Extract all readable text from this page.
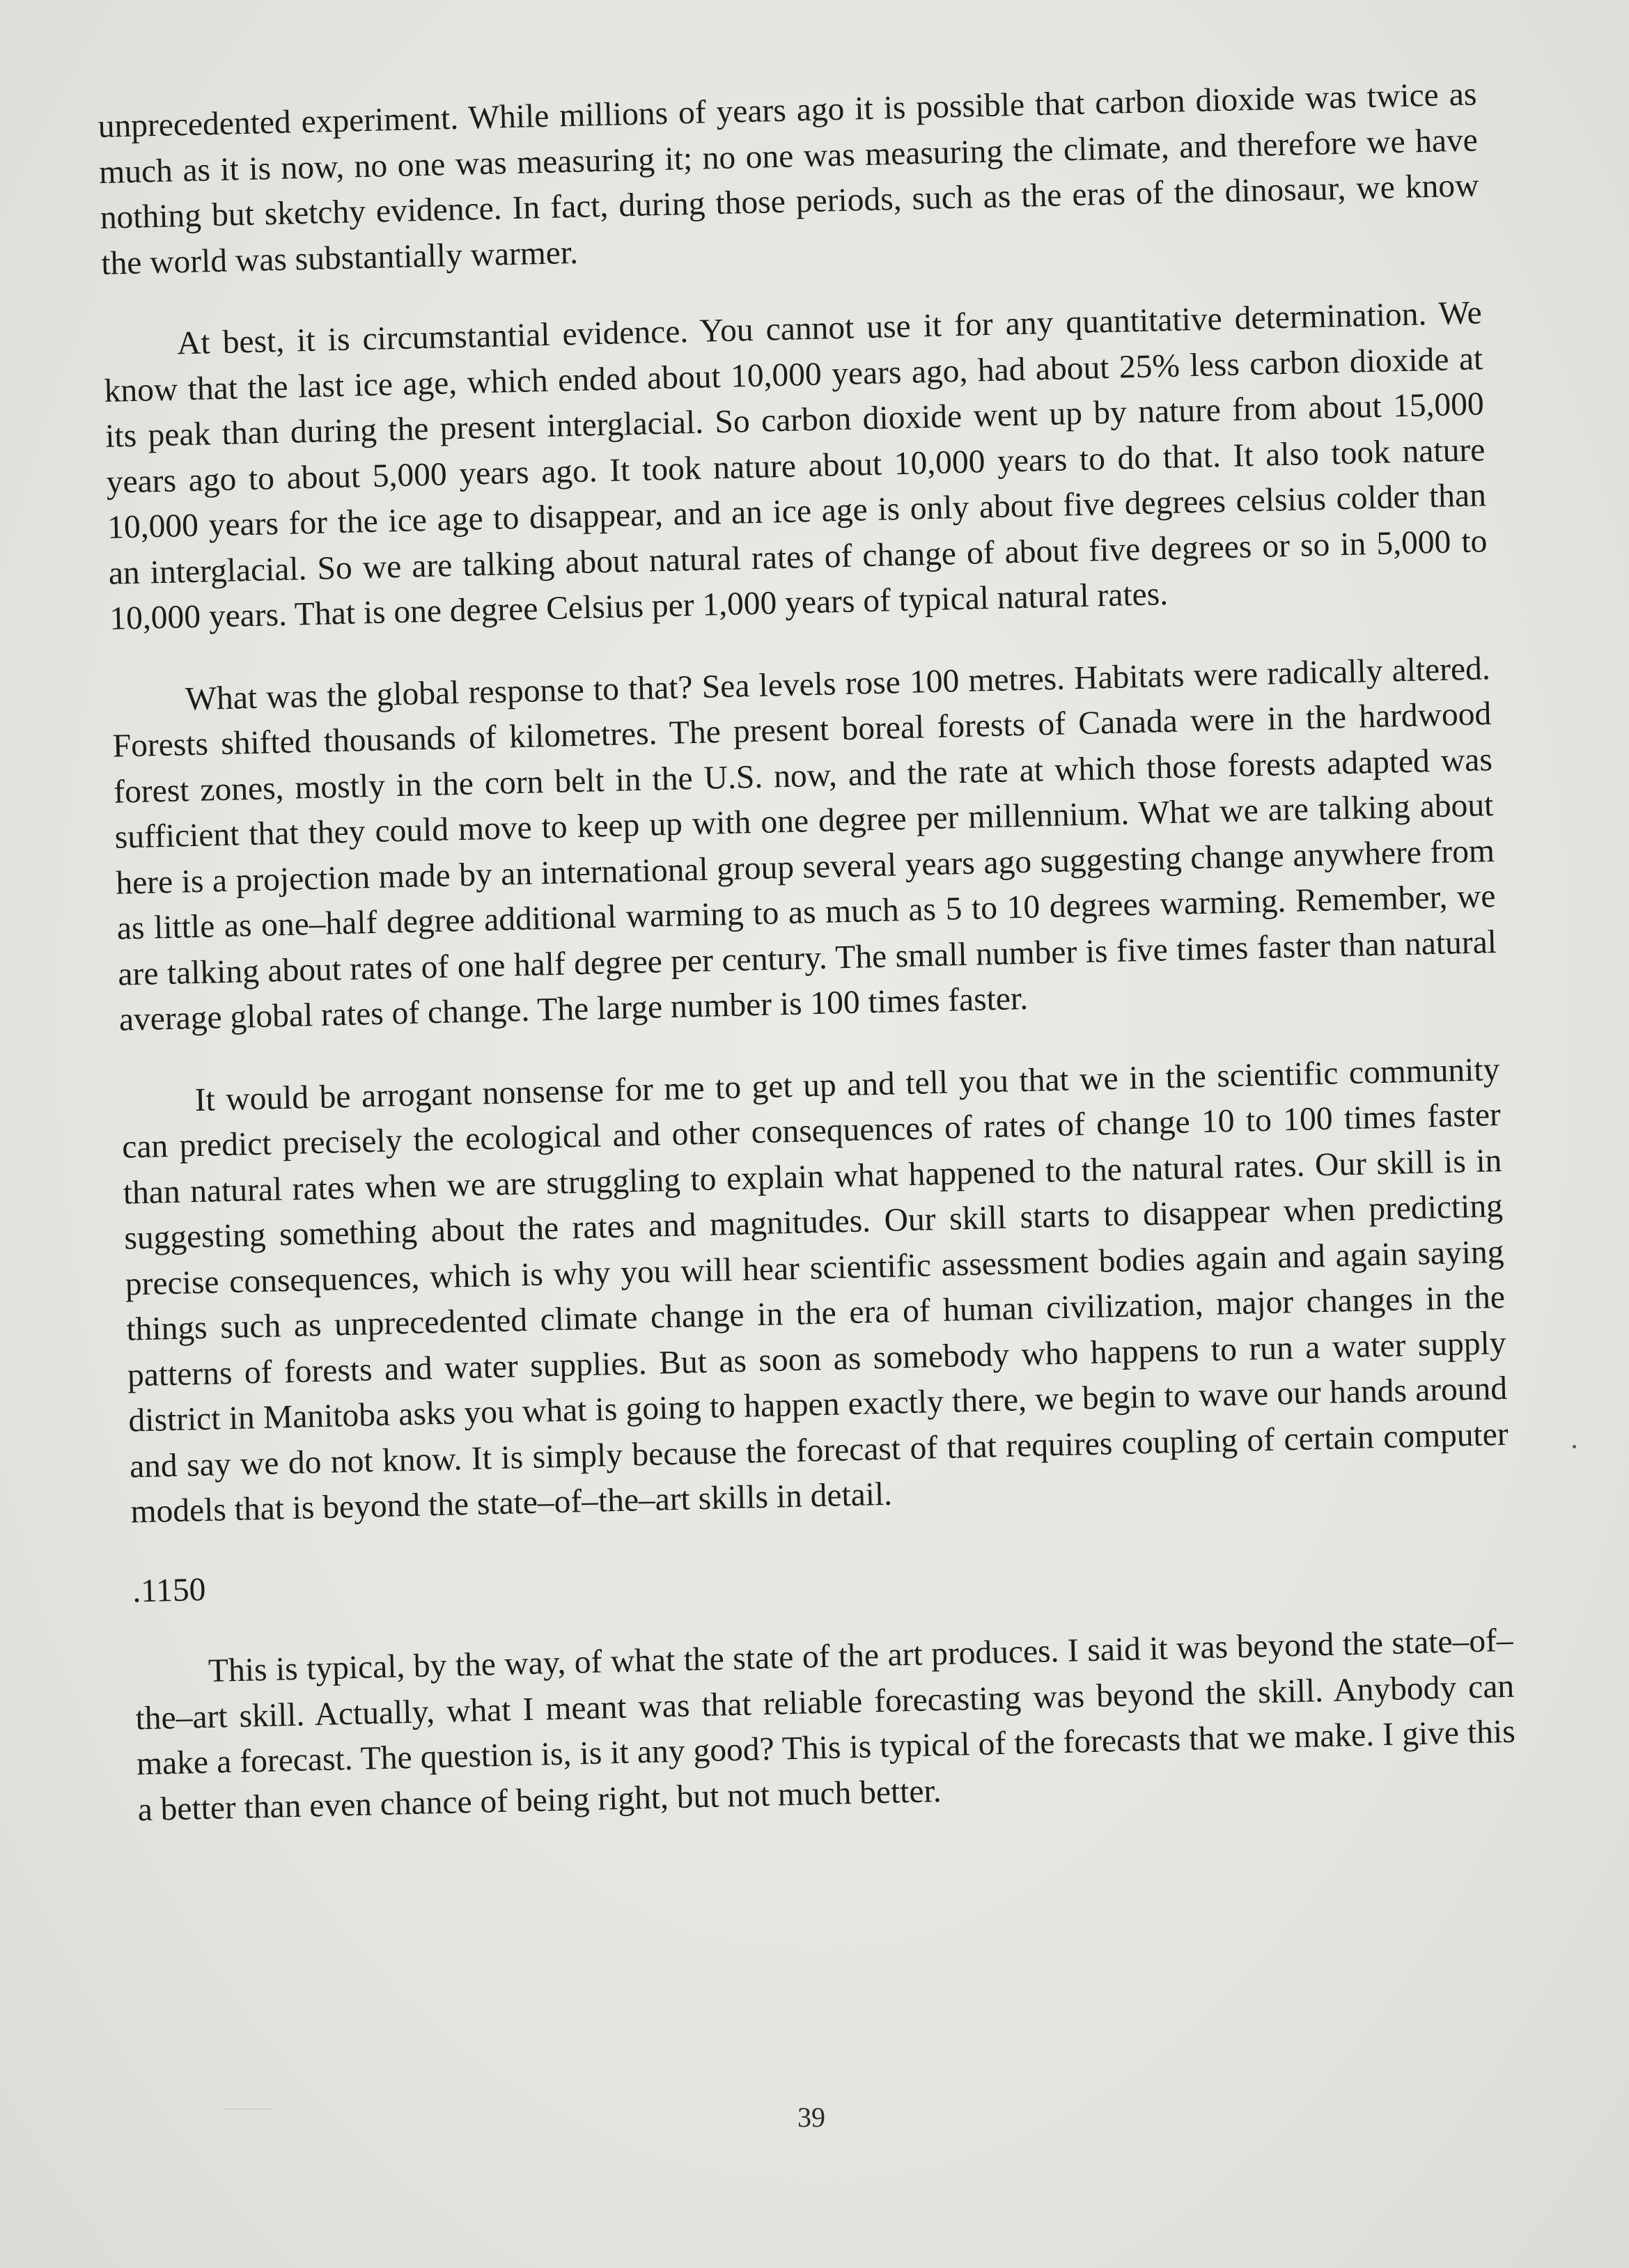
unprecedented experiment. While millions of years ago it is possible that carbon dioxide was twice as much as it is now, no one was measuring it; no one was measuring the climate, and therefore we have nothing but sketchy evidence. In fact, during those periods, such as the eras of the dinosaur, we know the world was substantially warmer.

At best, it is circumstantial evidence. You cannot use it for any quantitative determination. We know that the last ice age, which ended about 10,000 years ago, had about 25% less carbon dioxide at its peak than during the present interglacial. So carbon dioxide went up by nature from about 15,000 years ago to about 5,000 years ago. It took nature about 10,000 years to do that. It also took nature 10,000 years for the ice age to disappear, and an ice age is only about five degrees celsius colder than an interglacial. So we are talking about natural rates of change of about five degrees or so in 5,000 to 10,000 years. That is one degree Celsius per 1,000 years of typical natural rates.

What was the global response to that? Sea levels rose 100 metres. Habitats were radically altered. Forests shifted thousands of kilometres. The present boreal forests of Canada were in the hardwood forest zones, mostly in the corn belt in the U.S. now, and the rate at which those forests adapted was sufficient that they could move to keep up with one degree per millennium. What we are talking about here is a projection made by an international group several years ago suggesting change anywhere from as little as one–half degree additional warming to as much as 5 to 10 degrees warming. Remember, we are talking about rates of one half degree per century. The small number is five times faster than natural average global rates of change. The large number is 100 times faster.

It would be arrogant nonsense for me to get up and tell you that we in the scientific community can predict precisely the ecological and other consequences of rates of change 10 to 100 times faster than natural rates when we are struggling to explain what happened to the natural rates. Our skill is in suggesting something about the rates and magnitudes. Our skill starts to disappear when predicting precise consequences, which is why you will hear scientific assessment bodies again and again saying things such as unprecedented climate change in the era of human civilization, major changes in the patterns of forests and water supplies. But as soon as somebody who happens to run a water supply district in Manitoba asks you what is going to happen exactly there, we begin to wave our hands around and say we do not know. It is simply because the forecast of that requires coupling of certain computer models that is beyond the state–of–the–art skills in detail.

.1150

This is typical, by the way, of what the state of the art produces. I said it was beyond the state–of–the–art skill. Actually, what I meant was that reliable forecasting was beyond the skill. Anybody can make a forecast. The question is, is it any good? This is typical of the forecasts that we make. I give this a better than even chance of being right, but not much better.

39
